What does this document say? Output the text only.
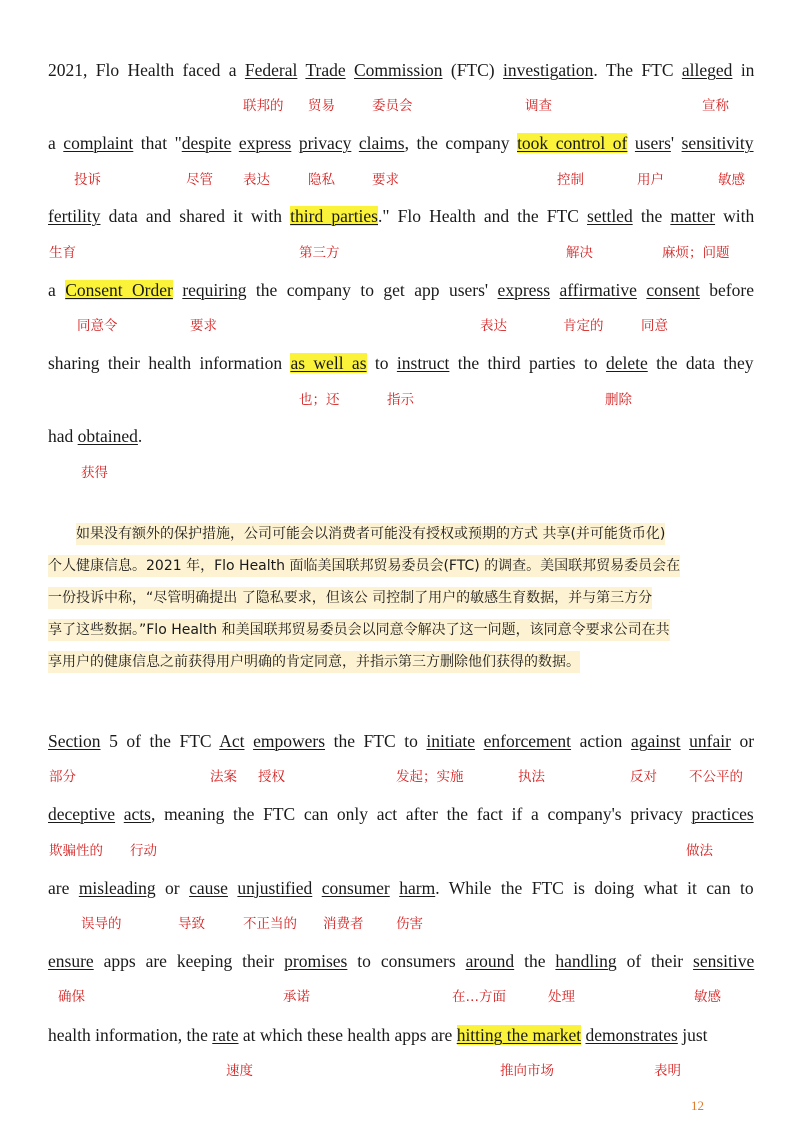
2021, Flo Health faced a Federal Trade Commission (FTC) investigation. The FTC alleged in
a complaint that "despite express privacy claims, the company took control of users' sensitivity
fertility data and shared it with third parties." Flo Health and the FTC settled the matter with
a Consent Order requiring the company to get app users' express affirmative consent before
sharing their health information as well as to instruct the third parties to delete the data they
had obtained.
联邦的 贸易	委员会	调查	宣称
投诉	尽管 表达	隐私	要求	控制	用户	敏感
生育	第三方	解决	麻烦；问题
同意令	要求	表达	肯定的	同意
也；还	指示	删除
获得
如果没有额外的保护措施，公司可能会以消费者可能没有授权或预期的方式 共享(并可能货币化)
个人健康信息。2021 年，Flo Health 面临美国联邦贸易委员会(FTC) 的调查。美国联邦贸易委员会在
一份投诉中称，“尽管明确提出 了隐私要求，但该公 司控制了用户的敏感生育数据，并与第三方分
享了这些数据。”Flo Health 和美国联邦贸易委员会以同意令解决了这一问题，该同意令要求公司在共
享用户的健康信息之前获得用户明确的肯定同意，并指示第三方删除他们获得的数据。
Section 5 of the FTC Act empowers the FTC to initiate enforcement action against unfair or
deceptive acts, meaning the FTC can only act after the fact if a company's privacy practices
are misleading or cause unjustified consumer harm. While the FTC is doing what it can to
ensure apps are keeping their promises to consumers around the handling of their sensitive
health information, the rate at which these health apps are hitting the market demonstrates just
部分	法案 授权	发起；实施	执法	反对 不公平的
欺骗性的 行动	做法
误导的	导致	不正当的 消费者 伤害
确保	承诺	在…方面	处理	敏感
速度	推向市场	表明
12
